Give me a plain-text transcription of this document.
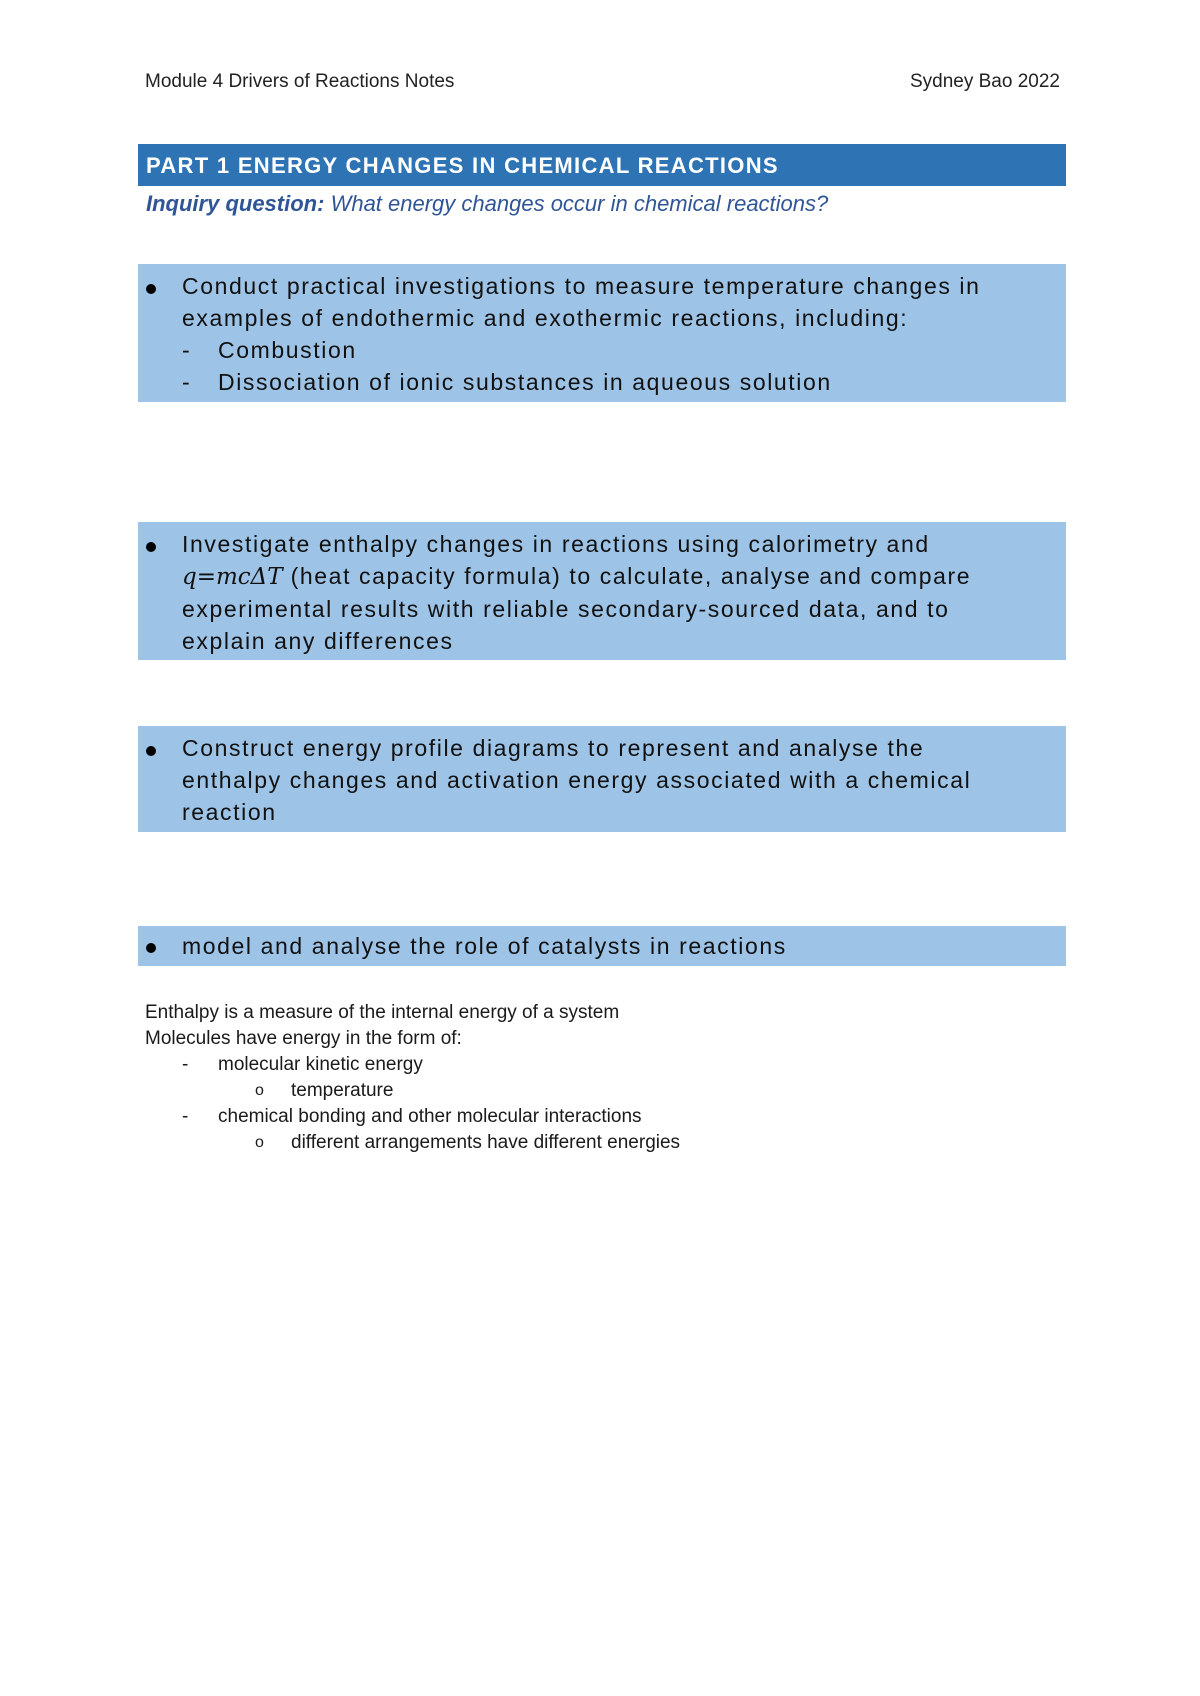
Module 4 Drivers of Reactions Notes	Sydney Bao 2022
PART 1 ENERGY CHANGES IN CHEMICAL REACTIONS
Inquiry question: What energy changes occur in chemical reactions?
Conduct practical investigations to measure temperature changes in
examples of endothermic and exothermic reactions, including:
-	Combustion
-	Dissociation of ionic substances in aqueous solution
Investigate enthalpy changes in reactions using calorimetry and
q=mcΔT (heat capacity formula) to calculate, analyse and compare
experimental results with reliable secondary-sourced data, and to
explain any differences
Construct energy profile diagrams to represent and analyse the
enthalpy changes and activation energy associated with a chemical
reaction
model and analyse the role of catalysts in reactions
Enthalpy is a measure of the internal energy of a system
Molecules have energy in the form of:
-	molecular kinetic energy
o	temperature
-	chemical bonding and other molecular interactions
o	different arrangements have different energies
